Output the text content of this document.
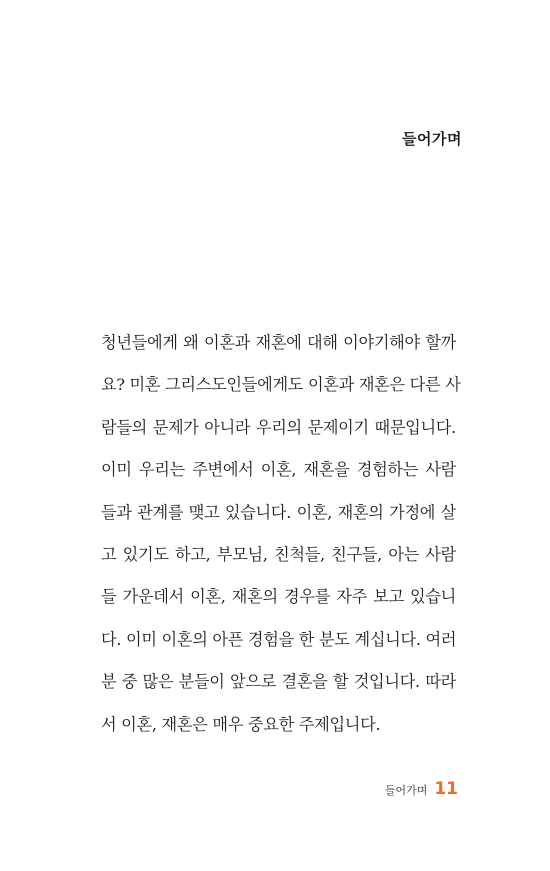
들어가며
청년들에게 왜 이혼과 재혼에 대해 이야기해야 할까
요? 미혼 그리스도인들에게도 이혼과 재혼은 다른 사
람들의 문제가 아니라 우리의 문제이기 때문입니다.
이미 우리는 주변에서 이혼, 재혼을 경험하는 사람
들과 관계를 맺고 있습니다. 이혼, 재혼의 가정에 살
고 있기도 하고, 부모님, 친척들, 친구들, 아는 사람
들 가운데서 이혼, 재혼의 경우를 자주 보고 있습니
다. 이미 이혼의 아픈 경험을 한 분도 계십니다. 여러
분 중 많은 분들이 앞으로 결혼을 할 것입니다. 따라
서 이혼, 재혼은 매우 중요한 주제입니다.
들어가며 11
